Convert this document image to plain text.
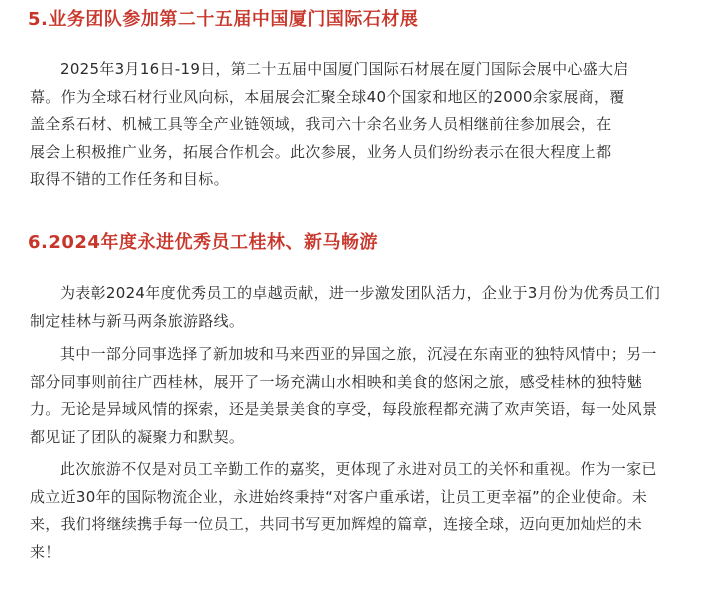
5.业务团队参加第二十五届中国厦门国际石材展

2025年3月16日-19日，第二十五届中国厦门国际石材展在厦门国际会展中心盛大启
幕。作为全球石材行业风向标，本届展会汇聚全球40个国家和地区的2000余家展商，覆
盖全系石材、机械工具等全产业链领域，我司六十余名业务人员相继前往参加展会，在
展会上积极推广业务，拓展合作机会。此次参展，业务人员们纷纷表示在很大程度上都
取得不错的工作任务和目标。

6.2024年度永进优秀员工桂林、新马畅游

为表彰2024年度优秀员工的卓越贡献，进一步激发团队活力，企业于3月份为优秀员工们
制定桂林与新马两条旅游路线。

其中一部分同事选择了新加坡和马来西亚的异国之旅，沉浸在东南亚的独特风情中；另一
部分同事则前往广西桂林，展开了一场充满山水相映和美食的悠闲之旅，感受桂林的独特魅
力。无论是异域风情的探索，还是美景美食的享受，每段旅程都充满了欢声笑语，每一处风景
都见证了团队的凝聚力和默契。

此次旅游不仅是对员工辛勤工作的嘉奖，更体现了永进对员工的关怀和重视。作为一家已
成立近30年的国际物流企业，永进始终秉持“对客户重承诺，让员工更幸福”的企业使命。未
来，我们将继续携手每一位员工，共同书写更加辉煌的篇章，连接全球，迈向更加灿烂的未
来！
